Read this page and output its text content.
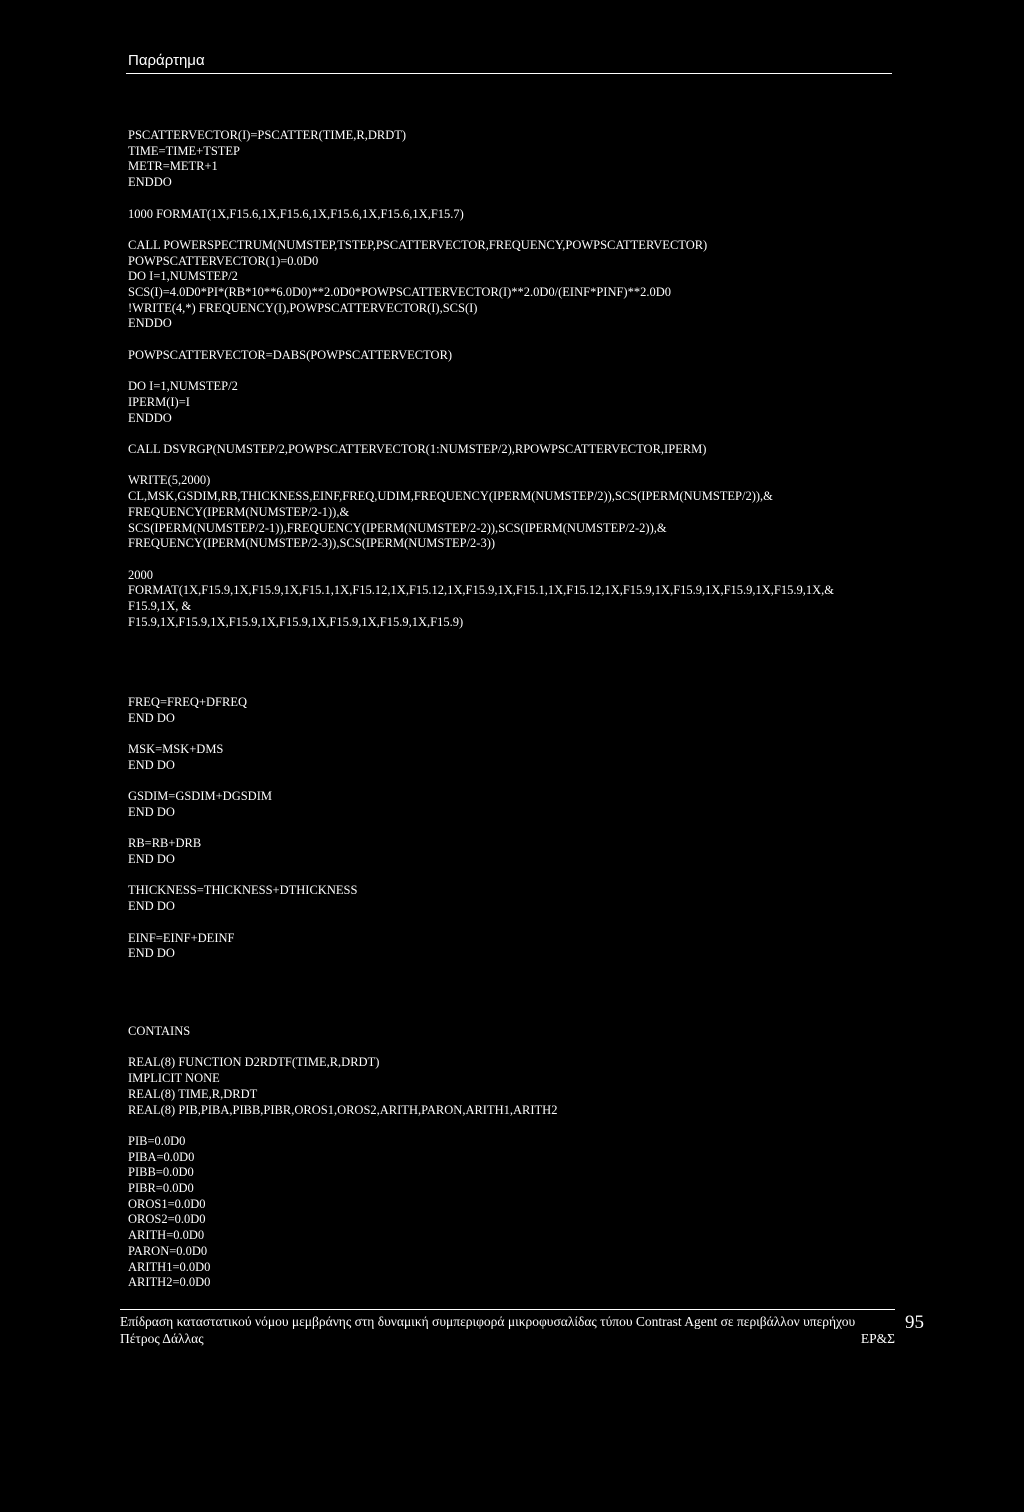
Παράρτημα
PSCATTERVECTOR(I)=PSCATTER(TIME,R,DRDT)
TIME=TIME+TSTEP
METR=METR+1
ENDDO

1000 FORMAT(1X,F15.6,1X,F15.6,1X,F15.6,1X,F15.6,1X,F15.7)

CALL POWERSPECTRUM(NUMSTEP,TSTEP,PSCATTERVECTOR,FREQUENCY,POWPSCATTERVECTOR)
POWPSCATTERVECTOR(1)=0.0D0
DO I=1,NUMSTEP/2
SCS(I)=4.0D0*PI*(RB*10**6.0D0)**2.0D0*POWPSCATTERVECTOR(I)**2.0D0/(EINF*PINF)**2.0D0
!WRITE(4,*) FREQUENCY(I),POWPSCATTERVECTOR(I),SCS(I)
ENDDO

POWPSCATTERVECTOR=DABS(POWPSCATTERVECTOR)

DO I=1,NUMSTEP/2
IPERM(I)=I
ENDDO

CALL DSVRGP(NUMSTEP/2,POWPSCATTERVECTOR(1:NUMSTEP/2),RPOWPSCATTERVECTOR,IPERM)

WRITE(5,2000)
CL,MSK,GSDIM,RB,THICKNESS,EINF,FREQ,UDIM,FREQUENCY(IPERM(NUMSTEP/2)),SCS(IPERM(NUMSTEP/2)),&
FREQUENCY(IPERM(NUMSTEP/2-1)),&
SCS(IPERM(NUMSTEP/2-1)),FREQUENCY(IPERM(NUMSTEP/2-2)),SCS(IPERM(NUMSTEP/2-2)),&
FREQUENCY(IPERM(NUMSTEP/2-3)),SCS(IPERM(NUMSTEP/2-3))

2000
FORMAT(1X,F15.9,1X,F15.9,1X,F15.1,1X,F15.12,1X,F15.12,1X,F15.9,1X,F15.1,1X,F15.12,1X,F15.9,1X,F15.9,1X,F15.9,1X,F15.9,1X,&
F15.9,1X, &
F15.9,1X,F15.9,1X,F15.9,1X,F15.9,1X,F15.9,1X,F15.9,1X,F15.9)
FREQ=FREQ+DFREQ
END DO

MSK=MSK+DMS
END DO

GSDIM=GSDIM+DGSDIM
END DO

RB=RB+DRB
END DO

THICKNESS=THICKNESS+DTHICKNESS
END DO

EINF=EINF+DEINF
END DO
CONTAINS

REAL(8) FUNCTION D2RDTF(TIME,R,DRDT)
IMPLICIT NONE
REAL(8) TIME,R,DRDT
REAL(8) PIB,PIBA,PIBB,PIBR,OROS1,OROS2,ARITH,PARON,ARITH1,ARITH2

PIB=0.0D0
PIBA=0.0D0
PIBB=0.0D0
PIBR=0.0D0
OROS1=0.0D0
OROS2=0.0D0
ARITH=0.0D0
PARON=0.0D0
ARITH1=0.0D0
ARITH2=0.0D0
Επίδραση καταστατικού νόμου μεμβράνης στη δυναμική συμπεριφορά μικροφυσαλίδας τύπου Contrast Agent σε περιβάλλον υπερήχου
Πέτρος Δάλλας	ΕΡ&Σ
95
